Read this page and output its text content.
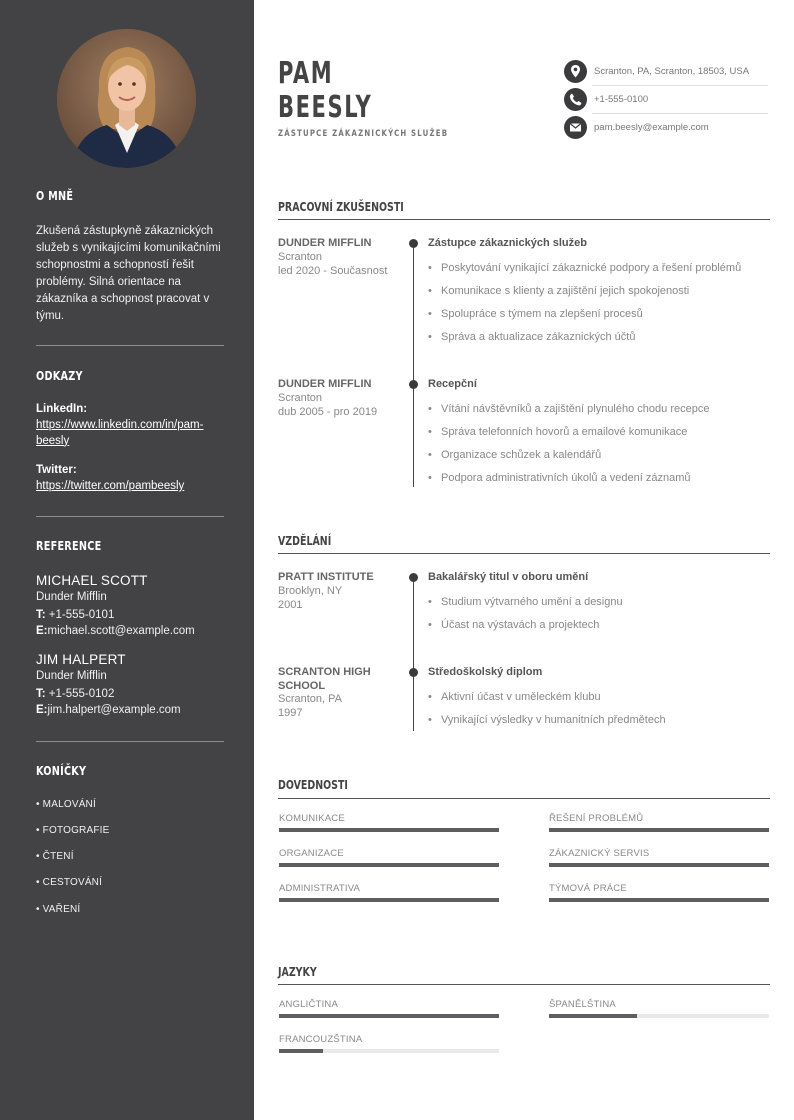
O MNĚ
Zkušená zástupkyně zákaznických služeb s vynikajícími komunikačními schopnostmi a schopností řešit problémy. Silná orientace na zákazníka a schopnost pracovat v týmu.
ODKAZY
LinkedIn:
https://www.linkedin.com/in/pam-beesly
Twitter:
https://twitter.com/pambeesly
REFERENCE
MICHAEL SCOTT
Dunder Mifflin
T: +1-555-0101
E:michael.scott@example.com
JIM HALPERT
Dunder Mifflin
T: +1-555-0102
E:jim.halpert@example.com
KONÍČKY
• MALOVÁNÍ
• FOTOGRAFIE
• ČTENÍ
• CESTOVÁNÍ
• VAŘENÍ
PAM
BEESLY
ZÁSTUPCE ZÁKAZNICKÝCH SLUŽEB
Scranton, PA, Scranton, 18503, USA
+1-555-0100
pam.beesly@example.com
PRACOVNÍ ZKUŠENOSTI
DUNDER MIFFLIN
Scranton
led 2020 - Současnost
Zástupce zákaznických služeb
• Poskytování vynikající zákaznické podpory a řešení problémů
• Komunikace s klienty a zajištění jejich spokojenosti
• Spolupráce s týmem na zlepšení procesů
• Správa a aktualizace zákaznických účtů
DUNDER MIFFLIN
Scranton
dub 2005 - pro 2019
Recepční
• Vítání návštěvníků a zajištění plynulého chodu recepce
• Správa telefonních hovorů a emailové komunikace
• Organizace schůzek a kalendářů
• Podpora administrativních úkolů a vedení záznamů
VZDĚLÁNÍ
PRATT INSTITUTE
Brooklyn, NY
2001
Bakalářský titul v oboru umění
• Studium výtvarného umění a designu
• Účast na výstavách a projektech
SCRANTON HIGH SCHOOL
Scranton, PA
1997
Středoškolský diplom
• Aktivní účast v uměleckém klubu
• Vynikající výsledky v humanitních předmětech
DOVEDNOSTI
KOMUNIKACE	ŘEŠENÍ PROBLÉMŮ
ORGANIZACE	ZÁKAZNICKÝ SERVIS
ADMINISTRATIVA	TÝMOVÁ PRÁCE
JAZYKY
ANGLIČTINA	ŠPANĚLŠTINA
FRANCOUZŠTINA
